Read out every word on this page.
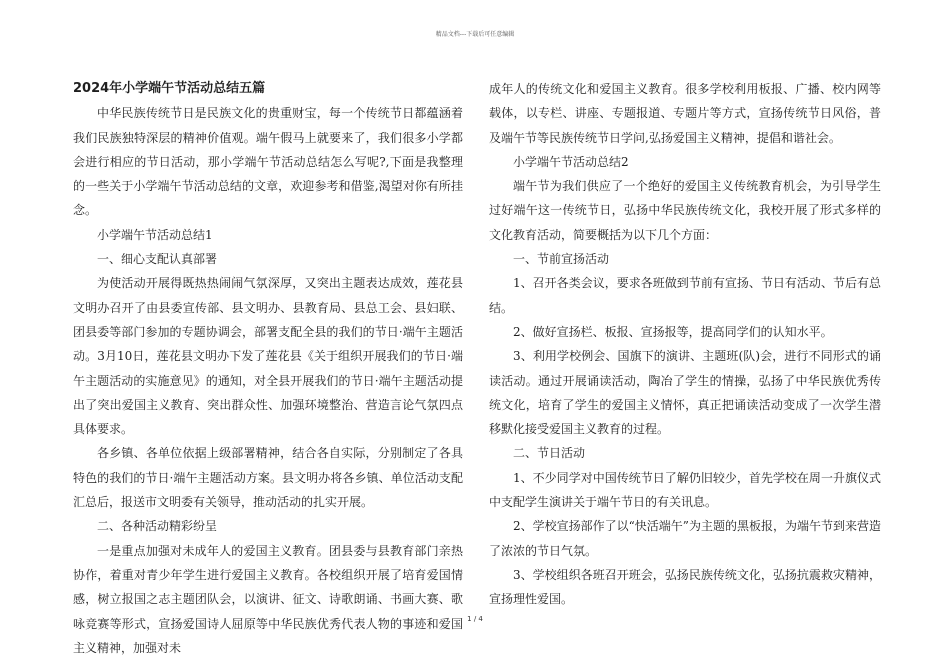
精品文档---下载后可任意编辑

2024年小学端午节活动总结五篇

中华民族传统节日是民族文化的贵重财宝，每一个传统节日都蕴涵着我们民族独特深层的精神价值观。端午假马上就要来了，我们很多小学都会进行相应的节日活动，那小学端午节活动总结怎么写呢?,下面是我整理的一些关于小学端午节活动总结的文章，欢迎参考和借鉴,渴望对你有所挂念。

小学端午节活动总结1

一、细心支配认真部署

为使活动开展得既热热闹闹气氛深厚，又突出主题表达成效，莲花县文明办召开了由县委宣传部、县文明办、县教育局、县总工会、县妇联、团县委等部门参加的专题协调会，部署支配全县的我们的节日·端午主题活动。3月10日，莲花县文明办下发了莲花县《关于组织开展我们的节日·端午主题活动的实施意见》的通知，对全县开展我们的节日·端午主题活动提出了突出爱国主义教育、突出群众性、加强环境整治、营造言论气氛四点具体要求。

各乡镇、各单位依据上级部署精神，结合各自实际，分别制定了各具特色的我们的节日·端午主题活动方案。县文明办将各乡镇、单位活动支配汇总后，报送市文明委有关领导，推动活动的扎实开展。

二、各种活动精彩纷呈

一是重点加强对未成年人的爱国主义教育。团县委与县教育部门亲热协作，着重对青少年学生进行爱国主义教育。各校组织开展了培育爱国情感，树立报国之志主题团队会，以演讲、征文、诗歌朗诵、书画大赛、歌咏竞赛等形式，宣扬爱国诗人屈原等中华民族优秀代表人物的事迹和爱国主义精神，加强对未

成年人的传统文化和爱国主义教育。很多学校利用板报、广播、校内网等载体，以专栏、讲座、专题报道、专题片等方式，宣扬传统节日风俗，普及端午节等民族传统节日学问,弘扬爱国主义精神，提倡和谐社会。

小学端午节活动总结2

端午节为我们供应了一个绝好的爱国主义传统教育机会，为引导学生过好端午这一传统节日，弘扬中华民族传统文化，我校开展了形式多样的文化教育活动，简要概括为以下几个方面：

一、节前宣扬活动

1、召开各类会议，要求各班做到节前有宣扬、节日有活动、节后有总结。

2、做好宣扬栏、板报、宣扬报等，提高同学们的认知水平。

3、利用学校例会、国旗下的演讲、主题班(队)会，进行不同形式的诵读活动。通过开展诵读活动，陶冶了学生的情操，弘扬了中华民族优秀传统文化，培育了学生的爱国主义情怀，真正把诵读活动变成了一次学生潜移默化接受爱国主义教育的过程。

二、节日活动

1、不少同学对中国传统节日了解仍旧较少，首先学校在周一升旗仪式中支配学生演讲关于端午节日的有关讯息。

2、学校宣扬部作了以“快活端午”为主题的黑板报，为端午节到来营造了浓浓的节日气氛。

3、学校组织各班召开班会，弘扬民族传统文化，弘扬抗震救灾精神，宣扬理性爱国。

1 / 4
